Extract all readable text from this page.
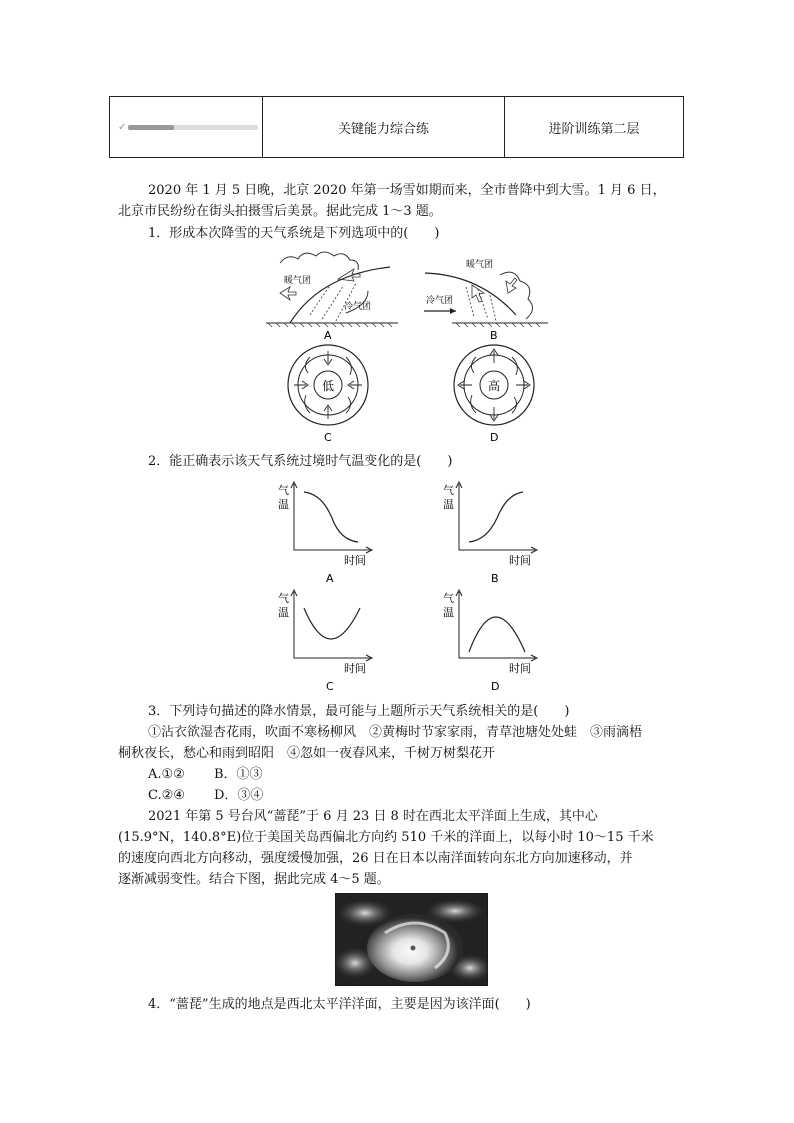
✓	关键能力综合练	进阶训练第二层
2020 年 1 月 5 日晚，北京 2020 年第一场雪如期而来，全市普降中到大雪。1 月 6 日，
北京市民纷纷在街头拍摄雪后美景。据此完成 1～3 题。
1．形成本次降雪的天气系统是下列选项中的(　　)
暖气团
冷气团
A
暖气团
冷气团
B
低
C
高
D
2．能正确表示该天气系统过境时气温变化的是(　　)
气
温
时间
A
气
温
时间
B
气
温
时间
C
气
温
时间
D
3．下列诗句描述的降水情景，最可能与上题所示天气系统相关的是(　　)
①沾衣欲湿杏花雨，吹面不寒杨柳风　②黄梅时节家家雨，青草池塘处处蛙　③雨滴梧
桐秋夜长，愁心和雨到昭阳　④忽如一夜春风来，千树万树梨花开
A.①② B．①③
C.②④ D．③④
2021 年第 5 号台风“蔷琵”于 6 月 23 日 8 时在西北太平洋面上生成，其中心
(15.9°N，140.8°E)位于美国关岛西偏北方向约 510 千米的洋面上，以每小时 10～15 千米
的速度向西北方向移动，强度缓慢加强，26 日在日本以南洋面转向东北方向加速移动，并
逐渐减弱变性。结合下图，据此完成 4～5 题。
4．“蔷琵”生成的地点是西北太平洋洋面，主要是因为该洋面(　　)
